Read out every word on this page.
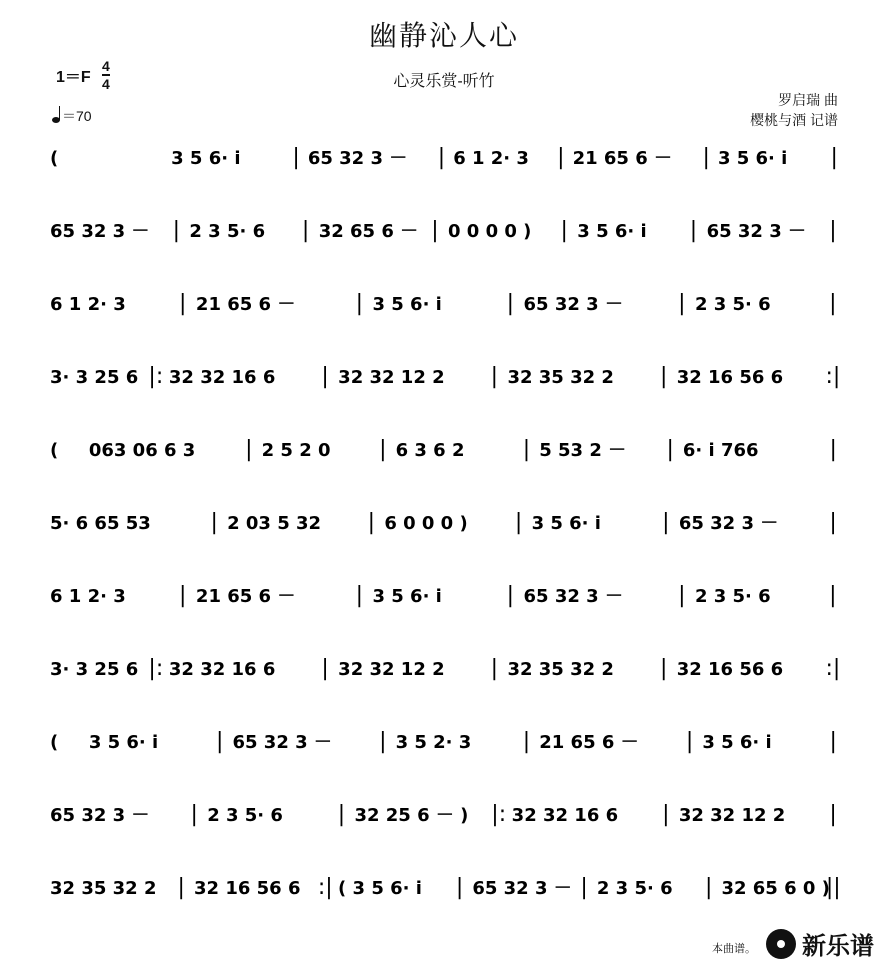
幽静沁人心
心灵乐赏-听竹
1＝F
4
4
＝70
罗启瑞 曲
樱桃与酒 记谱
(	3 5 6· i | 65 32 3 － | 6 1 2· 3 | 21 65 6 － | 3 5 6· i |
65 32 3 － | 2 3 5· 6 | 32 65 6 － | 0 0 0 0 ) | 3 5 6· i | 65 32 3 － |
6 1 2· 3 | 21 65 6 －	| 3 5 6· i	| 65 32 3 －	| 2 3 5· 6	|
3· 3 25 6 |: 32 32 16 6 | 32 32 12 2 | 32 35 32 2 | 32 16 56 6 :|
( 063 06 6 3 | 2 5 2 0 | 6 3 6 2	| 5 53 2 － | 6· i 766	|
5· 6 65 53	| 2 03 5 32 | 6 0 0 0 ) | 3 5 6· i	| 65 32 3 － |
6 1 2· 3 | 21 65 6 －	| 3 5 6· i	| 65 32 3 －	| 2 3 5· 6	|
3· 3 25 6 |: 32 32 16 6 | 32 32 12 2 | 32 35 32 2 | 32 16 56 6 :|
( 3 5 6· i	| 65 32 3 － | 3 5 2· 3 | 21 65 6 － | 3 5 6· i	|
65 32 3 － | 2 3 5· 6 | 32 25 6 － ) |: 32 32 16 6 | 32 32 12 2 |
32 35 32 2 | 32 16 56 6 :| ( 3 5 6· i | 65 32 3 － | 2 3 5· 6 | 32 65 6 0 )
||
本曲谱。 新乐谱
